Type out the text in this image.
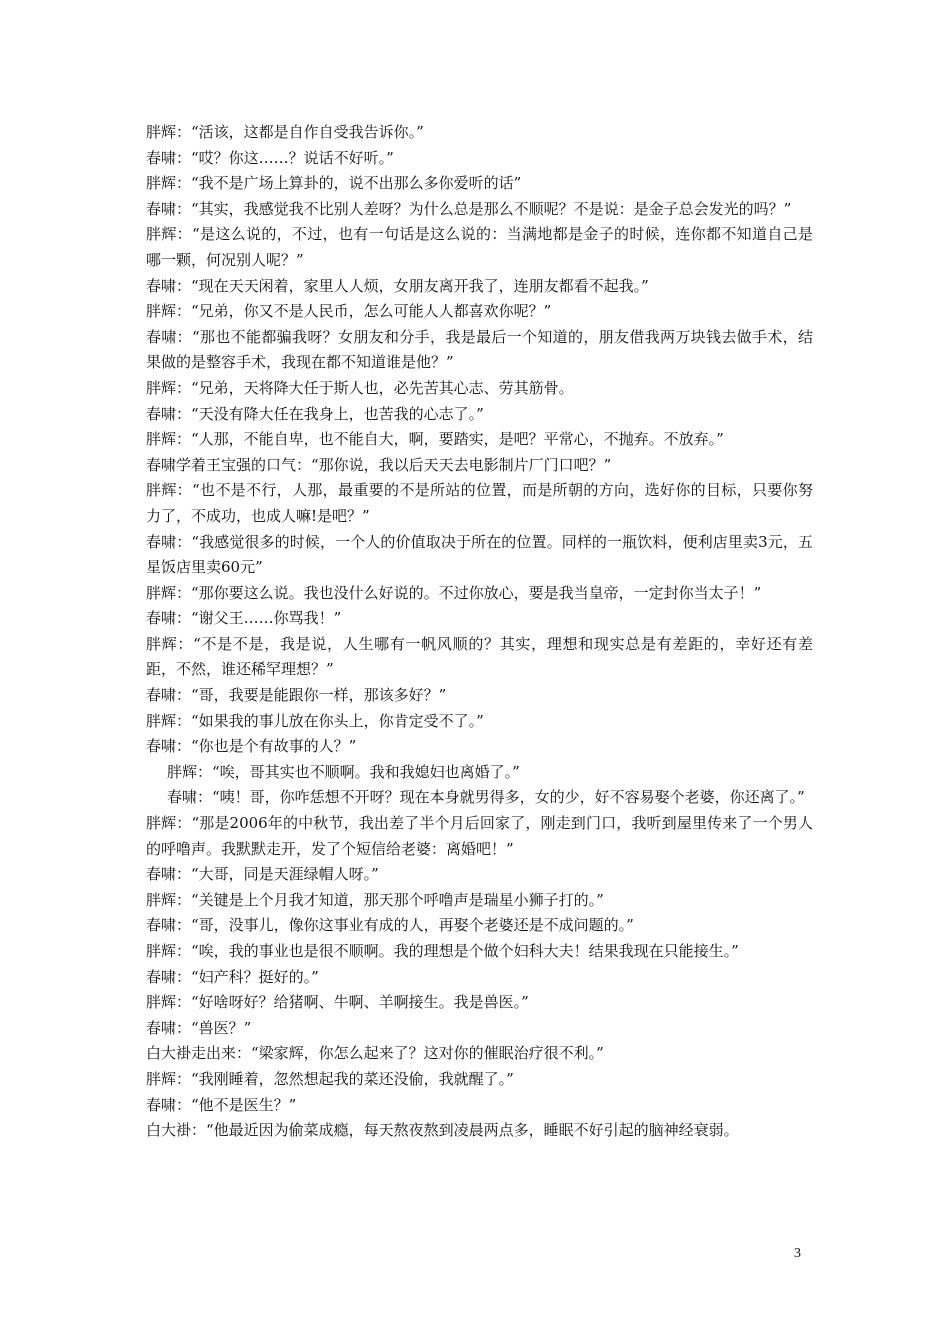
胖辉：“活该，这都是自作自受我告诉你。”

春啸：“哎？你这……？说话不好听。”

胖辉：“我不是广场上算卦的，说不出那么多你爱听的话”

春啸：“其实，我感觉我不比别人差呀？为什么总是那么不顺呢？不是说：是金子总会发光的吗？”

胖辉：“是这么说的，不过，也有一句话是这么说的：当满地都是金子的时候，连你都不知道自己是哪一颗，何况别人呢？”

春啸：“现在天天闲着，家里人人烦，女朋友离开我了，连朋友都看不起我。”

胖辉：“兄弟，你又不是人民币，怎么可能人人都喜欢你呢？”

春啸：“那也不能都骗我呀？女朋友和分手，我是最后一个知道的，朋友借我两万块钱去做手术，结果做的是整容手术，我现在都不知道谁是他？”

胖辉：“兄弟，天将降大任于斯人也，必先苦其心志、劳其筋骨。

春啸：“天没有降大任在我身上，也苦我的心志了。”

胖辉：“人那，不能自卑，也不能自大，啊，要踏实，是吧？平常心，不抛弃。不放弃。”

春啸学着王宝强的口气：“那你说，我以后天天去电影制片厂门口吧？”

胖辉：“也不是不行，人那，最重要的不是所站的位置，而是所朝的方向，选好你的目标，只要你努力了，不成功，也成人嘛!是吧？”

春啸：“我感觉很多的时候，一个人的价值取决于所在的位置。同样的一瓶饮料，便利店里卖3元，五星饭店里卖60元”

胖辉：“那你要这么说。我也没什么好说的。不过你放心，要是我当皇帝，一定封你当太子！”

春啸：“谢父王……你骂我！”

胖辉：“不是不是，我是说，人生哪有一帆风顺的？其实，理想和现实总是有差距的，幸好还有差距，不然，谁还稀罕理想？”

春啸：“哥，我要是能跟你一样，那该多好？”

胖辉：“如果我的事儿放在你头上，你肯定受不了。”

春啸：“你也是个有故事的人？”

胖辉：“唉，哥其实也不顺啊。我和我媳妇也离婚了。”

春啸：“咦！哥，你咋恁想不开呀？现在本身就男得多，女的少，好不容易娶个老婆，你还离了。”

胖辉：“那是2006年的中秋节，我出差了半个月后回家了，刚走到门口，我听到屋里传来了一个男人的呼噜声。我默默走开，发了个短信给老婆：离婚吧！”

春啸：“大哥，同是天涯绿帽人呀。”

胖辉：“关键是上个月我才知道，那天那个呼噜声是瑞星小狮子打的。”

春啸：“哥，没事儿，像你这事业有成的人，再娶个老婆还是不成问题的。”

胖辉：“唉，我的事业也是很不顺啊。我的理想是个做个妇科大夫！结果我现在只能接生。”

春啸：“妇产科？挺好的。”

胖辉：“好啥呀好？给猪啊、牛啊、羊啊接生。我是兽医。”

春啸：“兽医？”

白大褂走出来：“梁家辉，你怎么起来了？这对你的催眠治疗很不利。”

胖辉：“我刚睡着，忽然想起我的菜还没偷，我就醒了。”

春啸：“他不是医生？”

白大褂：“他最近因为偷菜成瘾，每天熬夜熬到凌晨两点多，睡眠不好引起的脑神经衰弱。

3
